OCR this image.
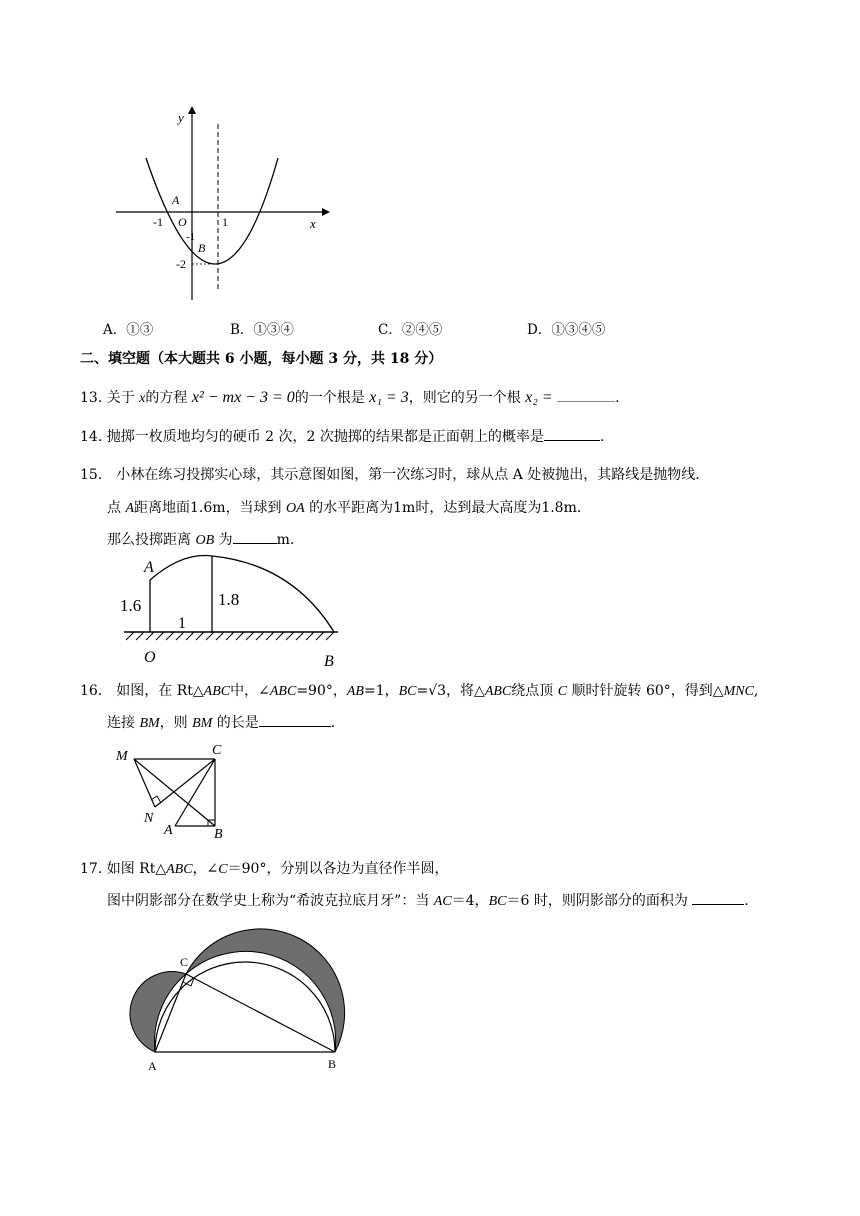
y
x
A
O
-1	1
-1
B
-2
A．①③	B．①③④	C．②④⑤	D．①③④⑤
二、填空题（本大题共 6 小题，每小题 3 分，共 18 分）
13. 关于 x的方程 x² − mx − 3 = 0的一个根是 x₁ = 3，则它的另一个根 x₂ =	.
14. 抛掷一枚质地均匀的硬币 2 次，2 次抛掷的结果都是正面朝上的概率是	.
15． 小林在练习投掷实心球，其示意图如图，第一次练习时，球从点 A 处被抛出，其路线是抛物线.
点 A距离地面1.6m，当球到 OA 的水平距离为1m时，达到最大高度为1.8m.
那么投掷距离 OB 为	m.
A
1.6	1.8
1
O	B
16． 如图，在 Rt△ABC中，∠ABC=90°，AB=1，BC=√3，将△ABC绕点顶 C 顺时针旋转 60°，得到△MNC,
连接 BM，则 BM 的长是	.
M	C
N
A	B
17. 如图 Rt△ABC，∠C＝90°，分别以各边为直径作半圆，
图中阴影部分在数学史上称为“希波克拉底月牙”：当 AC＝4，BC＝6 时，则阴影部分的面积为	.
C
A	B
